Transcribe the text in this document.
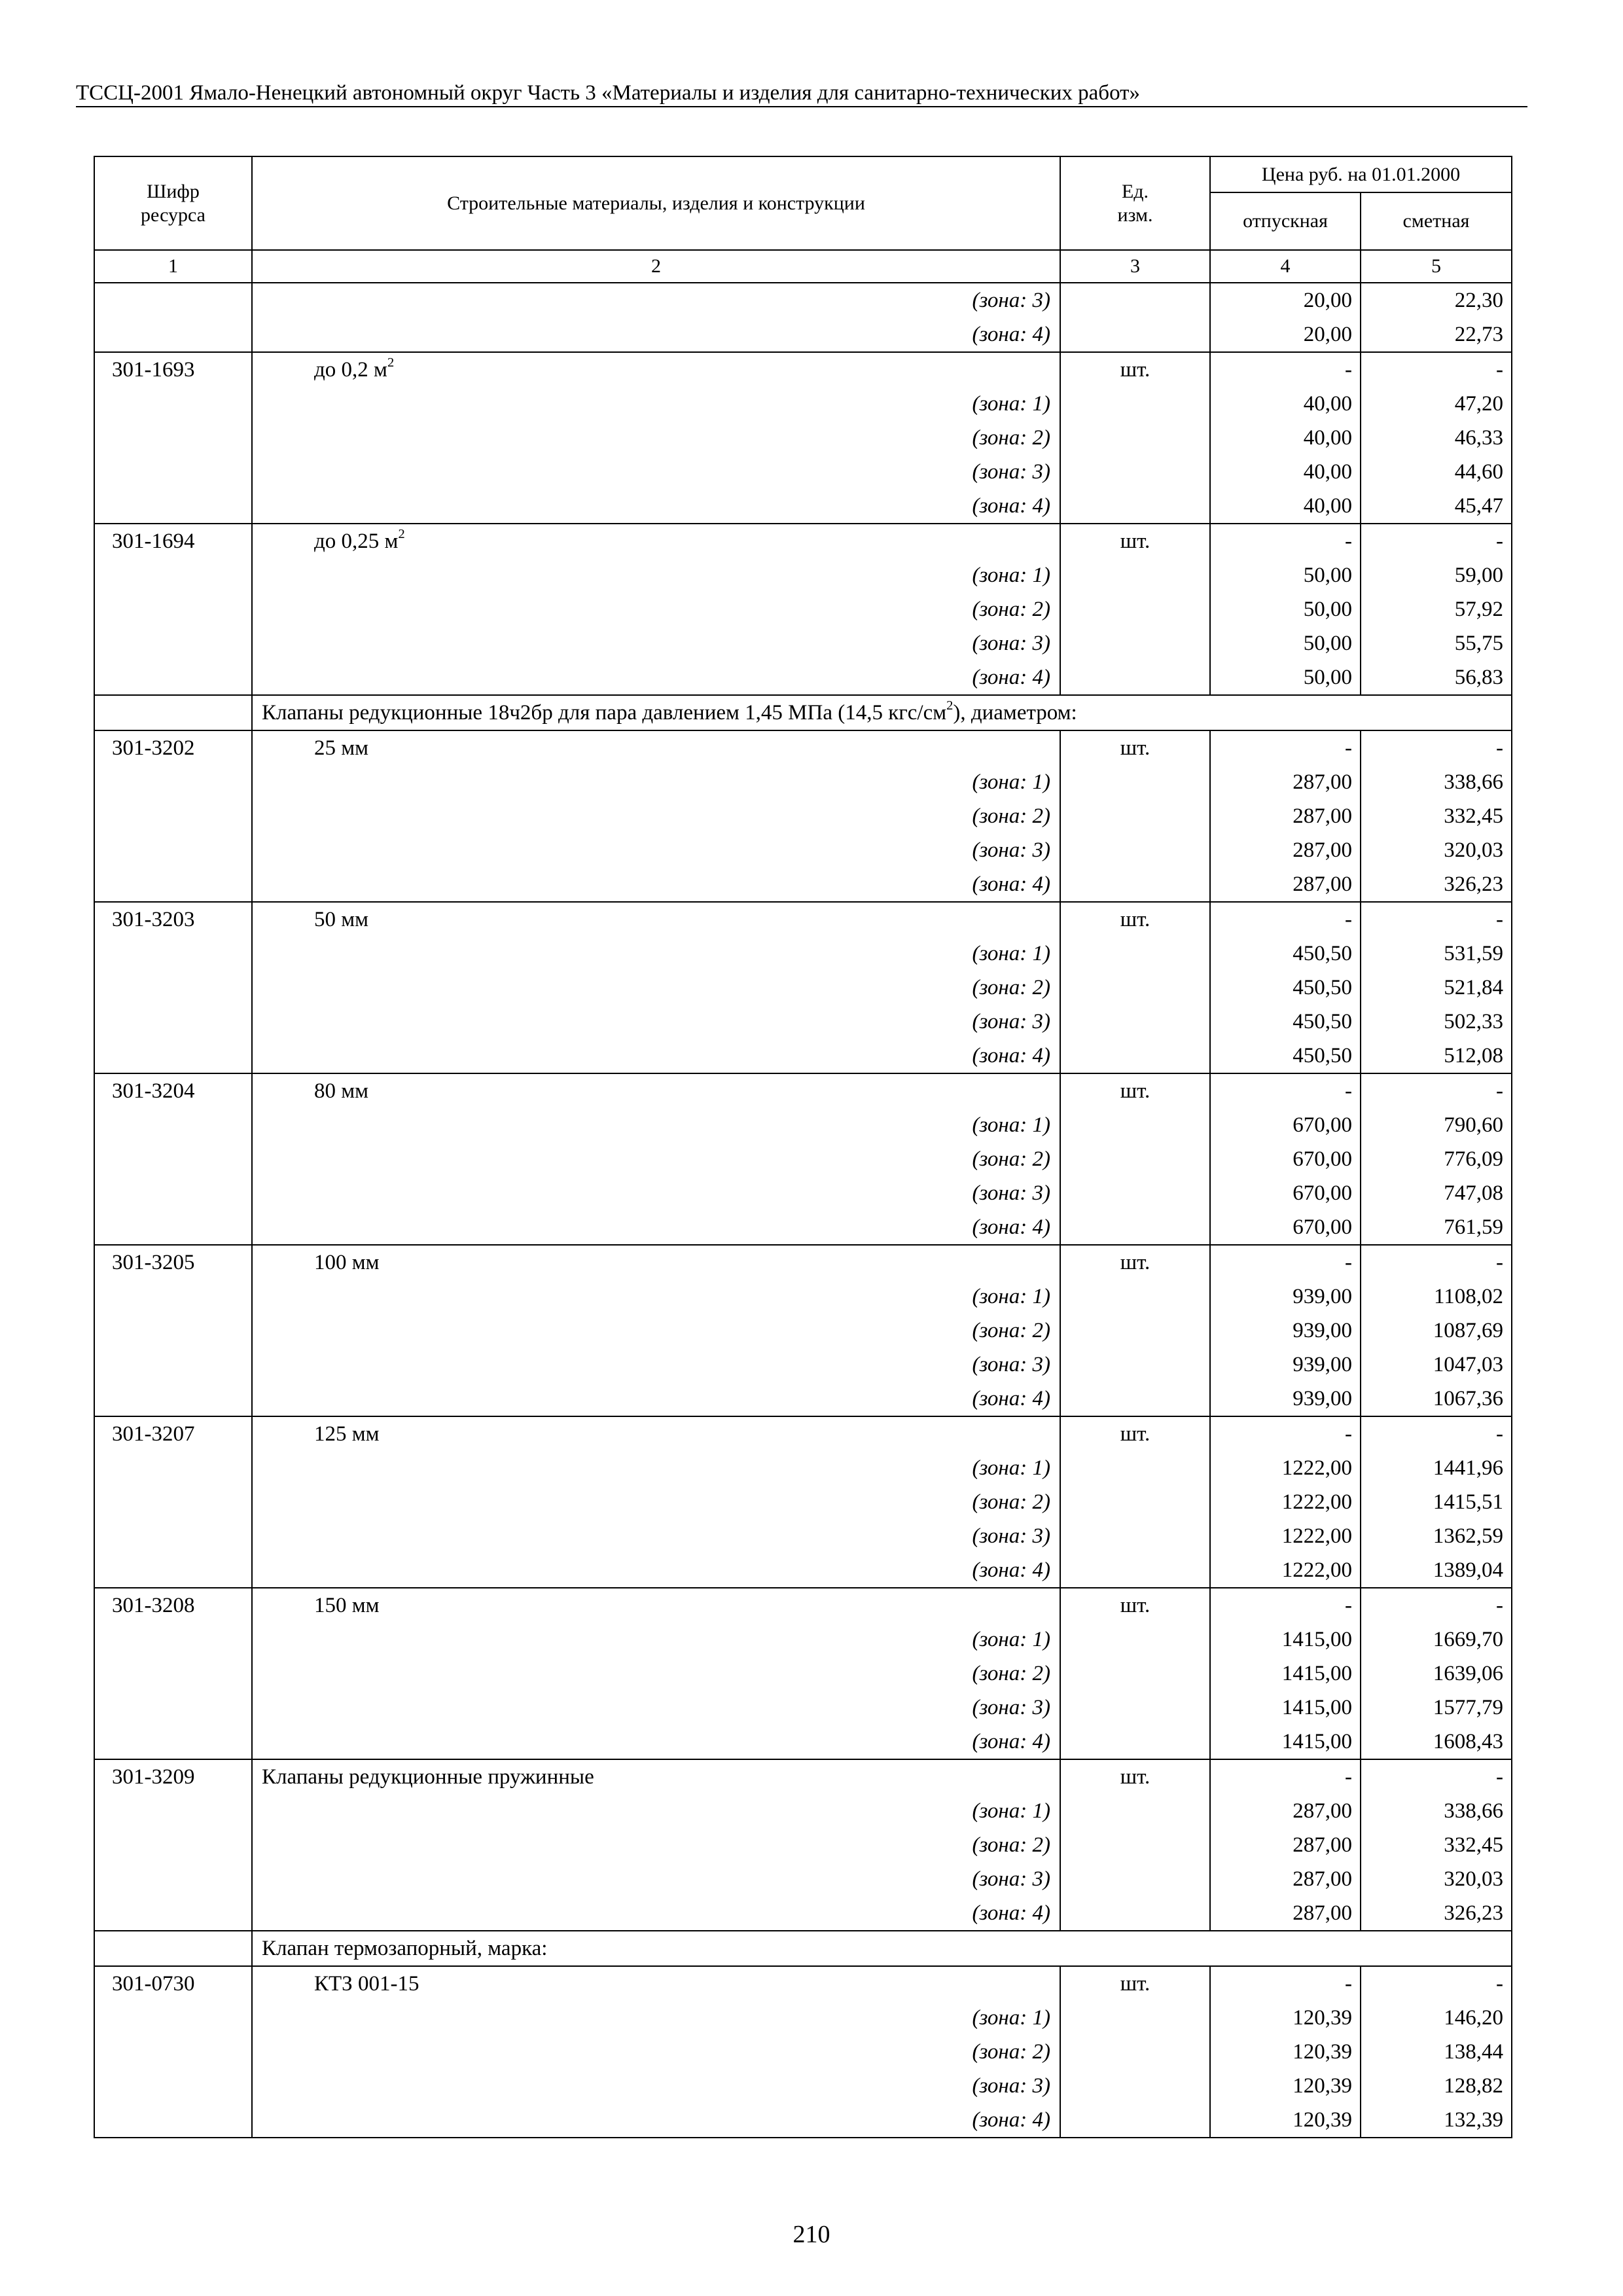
ТССЦ-2001 Ямало-Ненецкий автономный округ Часть 3 «Материалы и изделия для санитарно-технических работ»
Шифр ресурса	Строительные материалы, изделия и конструкции	Ед. изм.	Цена руб. на 01.01.2000	
			отпускная	сметная
1	2	3	4	5
	(зона: 3)		20,00	22,30
	(зона: 4)		20,00	22,73
301-1693	до 0,2 $м^2$	шт.	-	-
	(зона: 1)		40,00	47,20
	(зона: 2)		40,00	46,33
	(зона: 3)		40,00	44,60
	(зона: 4)		40,00	45,47
301-1694	до 0,25 $м^2$	шт.	-	-
	(зона: 1)		50,00	59,00
	(зона: 2)		50,00	57,92
	(зона: 3)		50,00	55,75
	(зона: 4)		50,00	56,83
	Клапаны редукционные 18ч2бр для пара давлением 1,45 МПа (14,5 кгс/$см^2$), диаметром:			
301-3202	25 мм	шт.	-	-
	(зона: 1)		287,00	338,66
	(зона: 2)		287,00	332,45
	(зона: 3)		287,00	320,03
	(зона: 4)		287,00	326,23
301-3203	50 мм	шт.	-	-
	(зона: 1)		450,50	531,59
	(зона: 2)		450,50	521,84
	(зона: 3)		450,50	502,33
	(зона: 4)		450,50	512,08
301-3204	80 мм	шт.	-	-
	(зона: 1)		670,00	790,60
	(зона: 2)		670,00	776,09
	(зона: 3)		670,00	747,08
	(зона: 4)		670,00	761,59
301-3205	100 мм	шт.	-	-
	(зона: 1)		939,00	1108,02
	(зона: 2)		939,00	1087,69
	(зона: 3)		939,00	1047,03
	(зона: 4)		939,00	1067,36
301-3207	125 мм	шт.	-	-
	(зона: 1)		1222,00	1441,96
	(зона: 2)		1222,00	1415,51
	(зона: 3)		1222,00	1362,59
	(зона: 4)		1222,00	1389,04
301-3208	150 мм	шт.	-	-
	(зона: 1)		1415,00	1669,70
	(зона: 2)		1415,00	1639,06
	(зона: 3)		1415,00	1577,79
	(зона: 4)		1415,00	1608,43
301-3209	Клапаны редукционные пружинные	шт.	-	-
	(зона: 1)		287,00	338,66
	(зона: 2)		287,00	332,45
	(зона: 3)		287,00	320,03
	(зона: 4)		287,00	326,23
	Клапан термозапорный, марка:			
301-0730	КТЗ 001-15	шт.	-	-
	(зона: 1)		120,39	146,20
	(зона: 2)		120,39	138,44
	(зона: 3)		120,39	128,82
	(зона: 4)		120,39	132,39
210
